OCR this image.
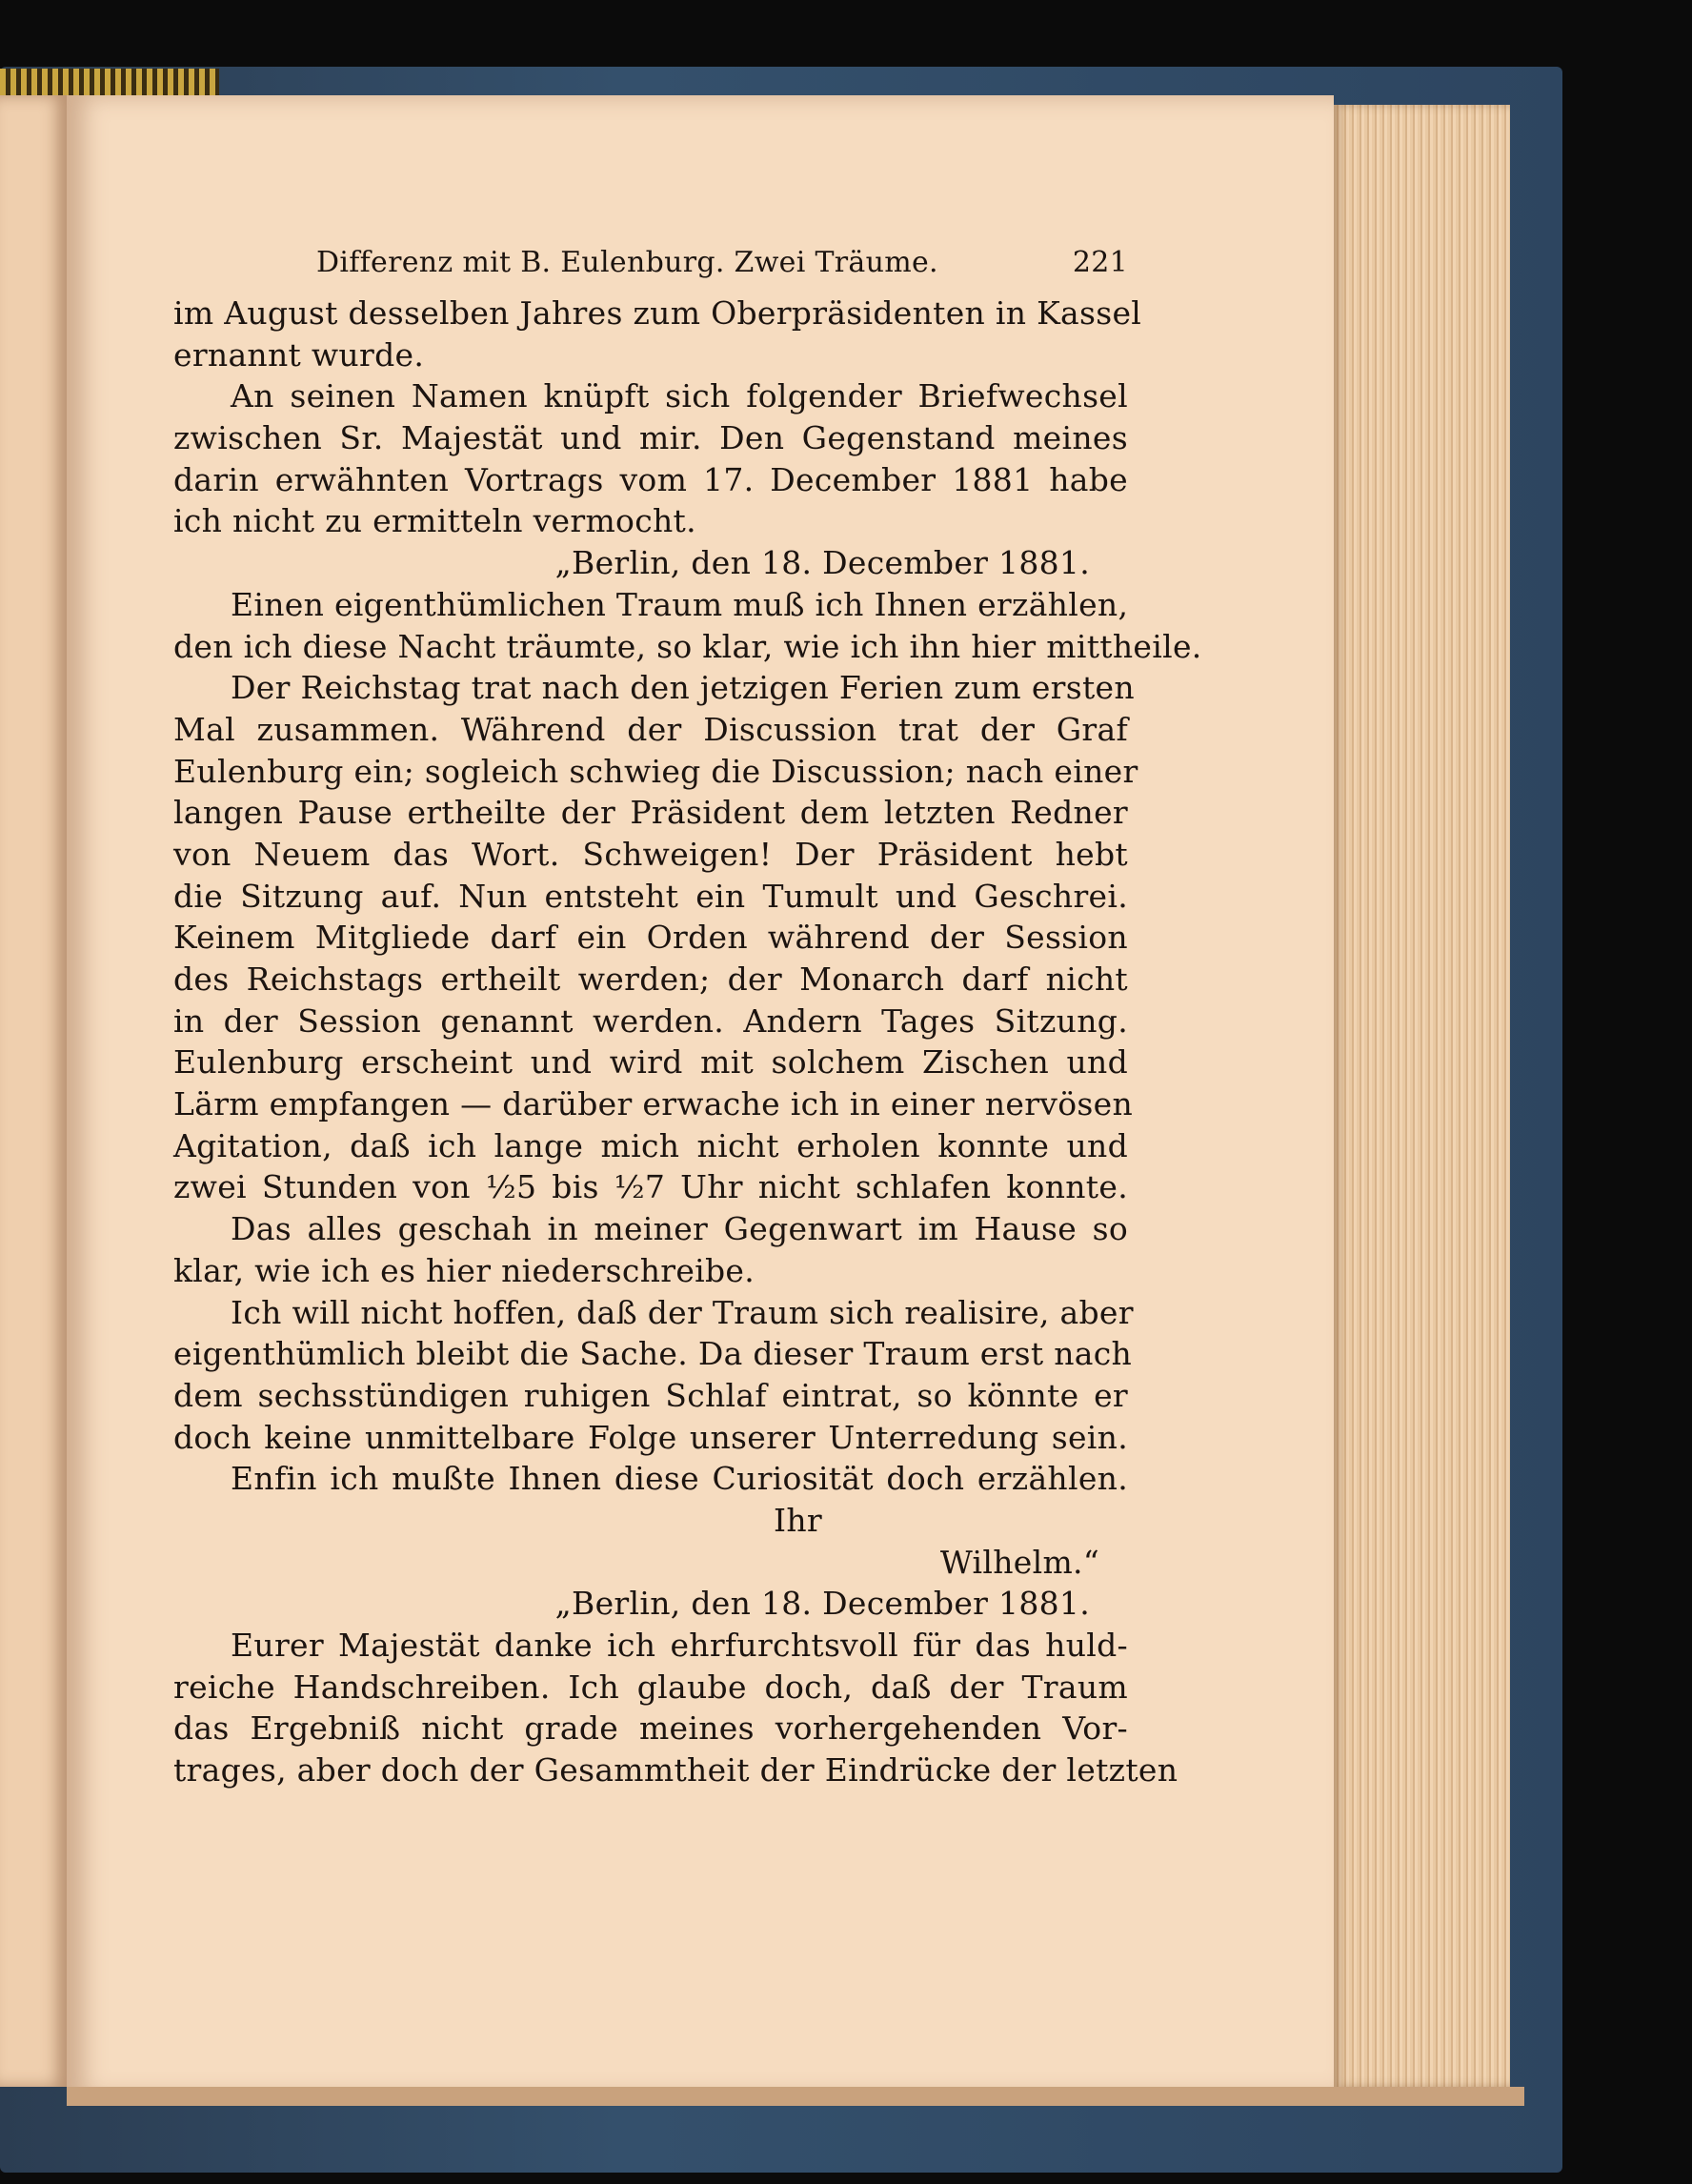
Differenz mit B. Eulenburg. Zwei Träume.	221
im August desselben Jahres zum Oberpräsidenten in Kassel
ernannt wurde.
An seinen Namen knüpft sich folgender Briefwechsel
zwischen Sr. Majestät und mir. Den Gegenstand meines
darin erwähnten Vortrags vom 17. December 1881 habe
ich nicht zu ermitteln vermocht.
„Berlin, den 18. December 1881.
Einen eigenthümlichen Traum muß ich Ihnen erzählen,
den ich diese Nacht träumte, so klar, wie ich ihn hier mittheile.
Der Reichstag trat nach den jetzigen Ferien zum ersten
Mal zusammen. Während der Discussion trat der Graf
Eulenburg ein; sogleich schwieg die Discussion; nach einer
langen Pause ertheilte der Präsident dem letzten Redner
von Neuem das Wort. Schweigen! Der Präsident hebt
die Sitzung auf. Nun entsteht ein Tumult und Geschrei.
Keinem Mitgliede darf ein Orden während der Session
des Reichstags ertheilt werden; der Monarch darf nicht
in der Session genannt werden. Andern Tages Sitzung.
Eulenburg erscheint und wird mit solchem Zischen und
Lärm empfangen — darüber erwache ich in einer nervösen
Agitation, daß ich lange mich nicht erholen konnte und
zwei Stunden von ½5 bis ½7 Uhr nicht schlafen konnte.
Das alles geschah in meiner Gegenwart im Hause so
klar, wie ich es hier niederschreibe.
Ich will nicht hoffen, daß der Traum sich realisire, aber
eigenthümlich bleibt die Sache. Da dieser Traum erst nach
dem sechsstündigen ruhigen Schlaf eintrat, so könnte er
doch keine unmittelbare Folge unserer Unterredung sein.
Enfin ich mußte Ihnen diese Curiosität doch erzählen.
Ihr
Wilhelm.“
„Berlin, den 18. December 1881.
Eurer Majestät danke ich ehrfurchtsvoll für das huld-
reiche Handschreiben. Ich glaube doch, daß der Traum
das Ergebniß nicht grade meines vorhergehenden Vor-
trages, aber doch der Gesammtheit der Eindrücke der letzten
